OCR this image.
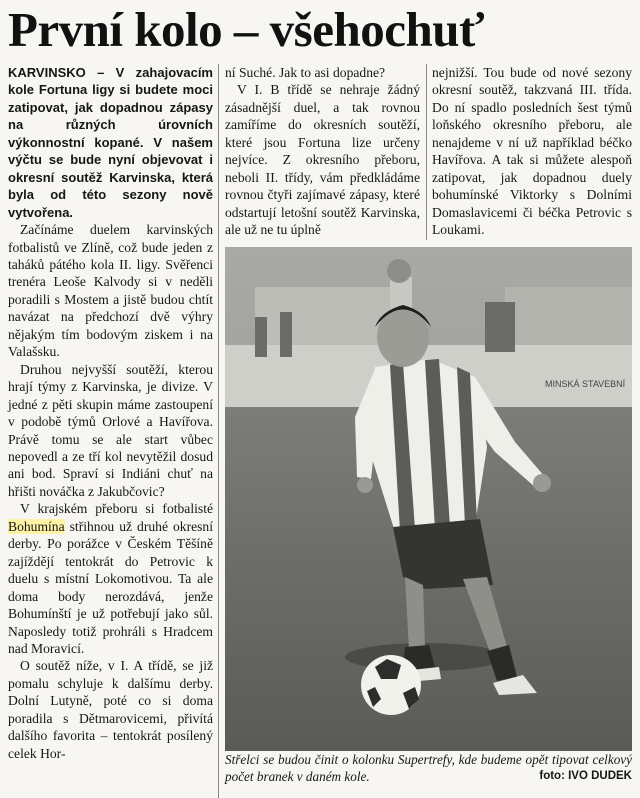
První kolo – všehochuť

KARVINSKO – V zahajovacím kole Fortuna ligy si budete moci zatipovat, jak dopadnou zápasy na různých úrovních výkonnostní kopané. V našem výčtu se bude nyní objevovat i okresní soutěž Karvinska, která byla od této sezony nově vytvořena.

Začínáme duelem karvinských fotbalistů ve Zlíně, což bude jeden z taháků pátého kola II. ligy. Svěřenci trenéra Leoše Kalvody si v neděli poradili s Mostem a jistě budou chtít navázat na předchozí dvě výhry nějakým tím bodovým ziskem i na Valašsku.

Druhou nejvyšší soutěží, kterou hrají týmy z Karvinska, je divize. V jedné z pěti skupin máme zastoupení v podobě týmů Orlové a Havířova. Právě tomu se ale start vůbec nepovedl a ze tří kol nevytěžil dosud ani bod. Spraví si Indiáni chuť na hřišti nováčka z Jakubčovic?

V krajském přeboru si fotbalisté Bohumína střihnou už druhé okresní derby. Po porážce v Českém Těšíně zajíždějí tentokrát do Petrovic k duelu s místní Lokomotivou. Ta ale doma body nerozdává, jenže Bohumínští je už potřebují jako sůl. Naposledy totiž prohráli s Hradcem nad Moravicí.

O soutěž níže, v I. A třídě, se již pomalu schyluje k dalšímu derby. Dolní Lutyně, poté co si doma poradila s Dětmarovicemi, přivítá dalšího favorita – tentokrát posílený celek Hor-

ní Suché. Jak to asi dopadne?

V I. B třídě se nehraje žádný zásadnější duel, a tak rovnou zamíříme do okresních soutěží, které jsou Fortuna lize určeny nejvíce. Z okresního přeboru, neboli II. třídy, vám předkládáme rovnou čtyři zajímavé zápasy, které odstartují letošní soutěž Karvinska, ale už ne tu úplně

nejnižší. Tou bude od nové sezony okresní soutěž, takzvaná III. třída. Do ní spadlo posledních šest týmů loňského okresního přeboru, ale nenajdeme v ní už například béčko Havířova. A tak si můžete alespoň zatipovat, jak dopadnou duely bohumínské Viktorky s Dolními Domaslavicemi či béčka Petrovic s Loukami.

MINSKÁ STAVEBNÍ
Střelci se budou činit o kolonku Supertrefy, kde budeme opět tipovat celkový počet branek v daném kole.	foto: IVO DUDEK
